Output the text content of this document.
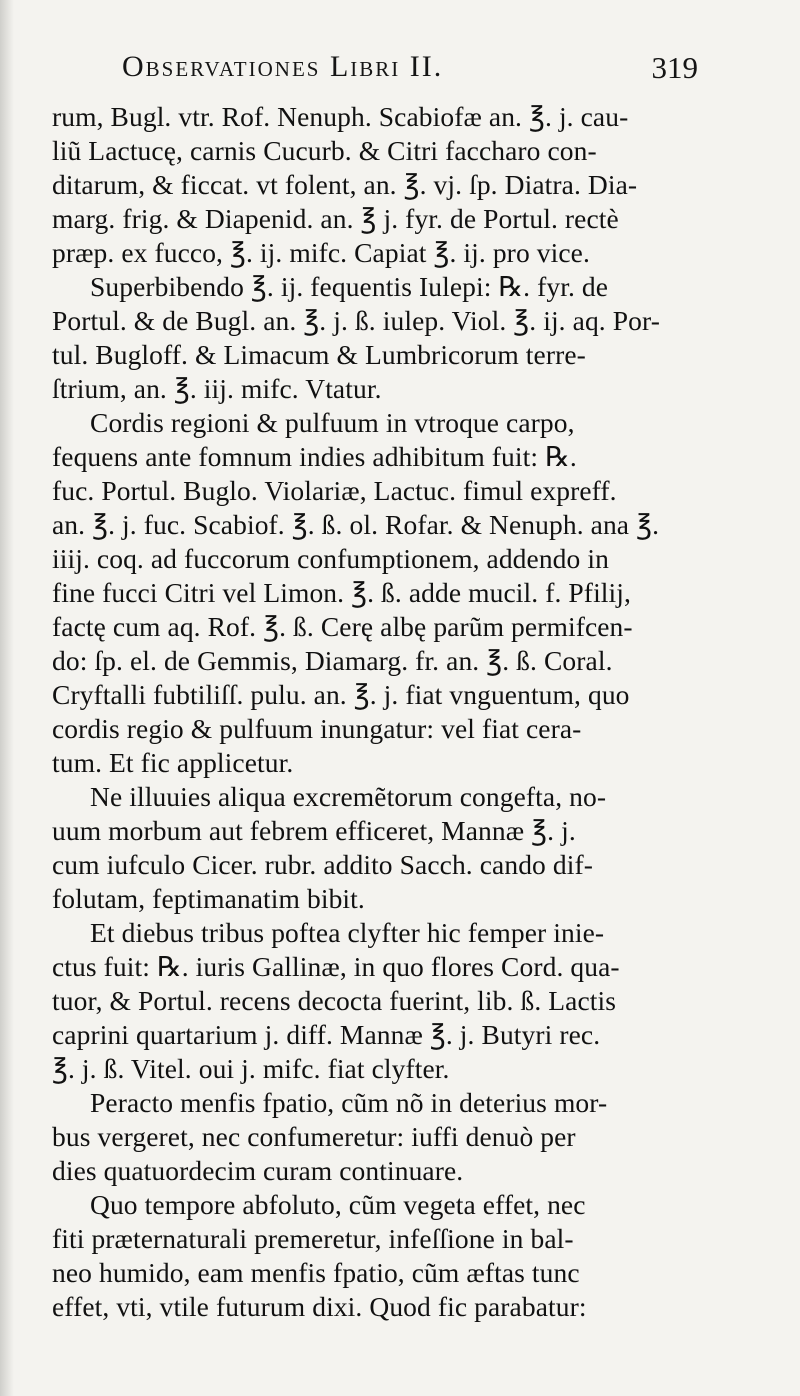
Observationes Libri II.	319
rum, Bugl. vtr. Rof. Nenuph. Scabiofæ an. ℥. j. cau-
liũ Lactucę, carnis Cucurb. & Citri faccharo con-
ditarum, & ficcat. vt folent, an. ℥. vj. ſp. Diatra. Dia-
marg. frig. & Diapenid. an. ℥ j. fyr. de Portul. rectè
præp. ex fucco, ℥. ij. mifc. Capiat ℥. ij. pro vice.
Superbibendo ℥. ij. fequentis Iulepi: ℞. fyr. de
Portul. & de Bugl. an. ℥. j. ß. iulep. Viol. ℥. ij. aq. Por-
tul. Bugloff. & Limacum & Lumbricorum terre-
ſtrium, an. ℥. iij. mifc. Vtatur.
Cordis regioni & pulfuum in vtroque carpo,
fequens ante fomnum indies adhibitum fuit: ℞.
fuc. Portul. Buglo. Violariæ, Lactuc. fimul expreff.
an. ℥. j. fuc. Scabiof. ℥. ß. ol. Rofar. & Nenuph. ana ℥.
iiij. coq. ad fuccorum confumptionem, addendo in
fine fucci Citri vel Limon. ℥. ß. adde mucil. f. Pfilij,
factę cum aq. Rof. ℥. ß. Cerę albę parũm permifcen-
do: ſp. el. de Gemmis, Diamarg. fr. an. ℥. ß. Coral.
Cryftalli fubtiliſſ. pulu. an. ℥. j. fiat vnguentum, quo
cordis regio & pulfuum inungatur: vel fiat cera-
tum. Et fic applicetur.
Ne illuuies aliqua excremẽtorum congefta, no-
uum morbum aut febrem efficeret, Mannæ ℥. j.
cum iufculo Cicer. rubr. addito Sacch. cando dif-
folutam, feptimanatim bibit.
Et diebus tribus poftea clyfter hic femper inie-
ctus fuit: ℞. iuris Gallinæ, in quo flores Cord. qua-
tuor, & Portul. recens decocta fuerint, lib. ß. Lactis
caprini quartarium j. diff. Mannæ ℥. j. Butyri rec.
℥. j. ß. Vitel. oui j. mifc. fiat clyfter.
Peracto menfis fpatio, cũm nõ in deterius mor-
bus vergeret, nec confumeretur: iuffi denuò per
dies quatuordecim curam continuare.
Quo tempore abfoluto, cũm vegeta effet, nec
fiti præternaturali premeretur, infeſſione in bal-
neo humido, eam menfis fpatio, cũm æftas tunc
effet, vti, vtile futurum dixi. Quod fic parabatur:
